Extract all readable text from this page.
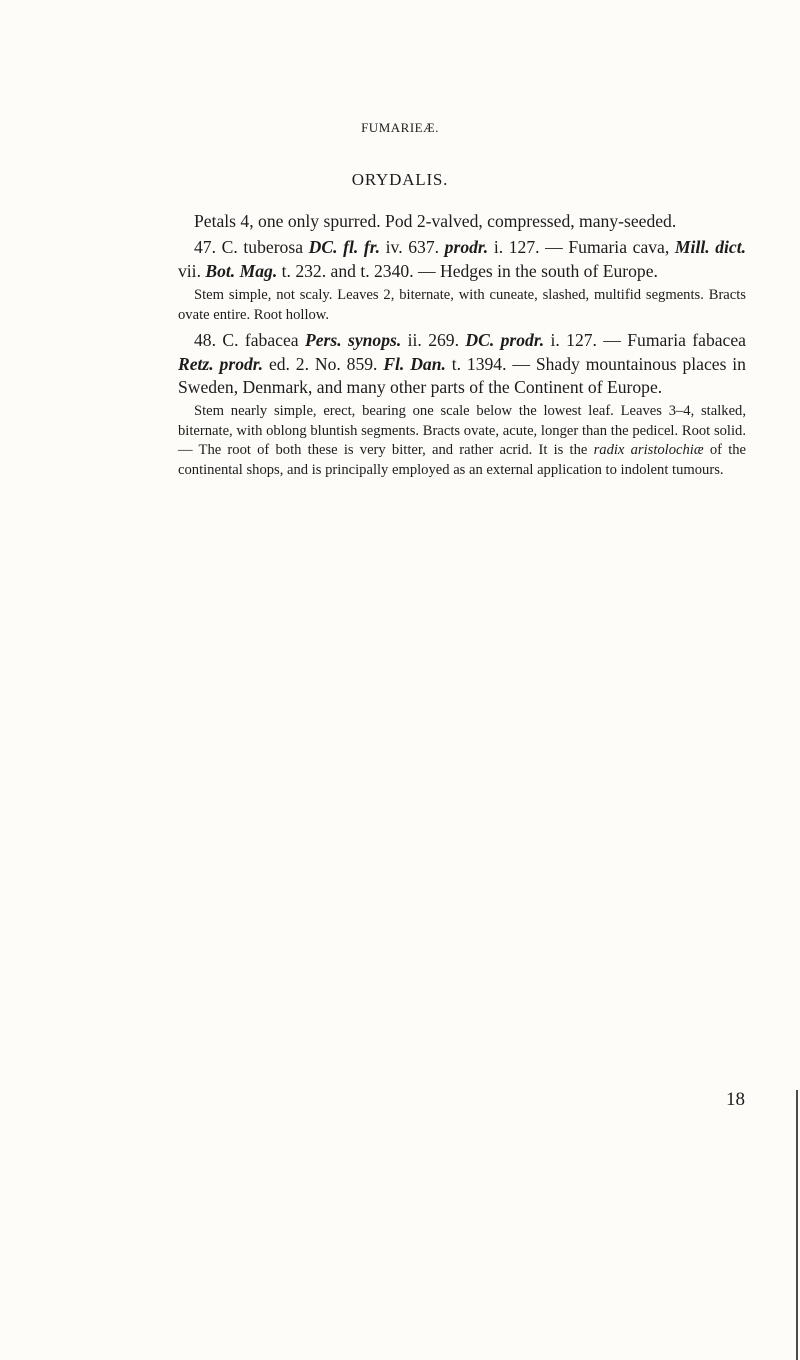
FUMARIEÆ.
ORYDALIS.

Petals 4, one only spurred. Pod 2-valved, compressed, many-seeded.

47. C. tuberosa DC. fl. fr. iv. 637. prodr. i. 127. — Fumaria cava, Mill. dict. vii. Bot. Mag. t. 232. and t. 2340. — Hedges in the south of Europe.

Stem simple, not scaly. Leaves 2, biternate, with cuneate, slashed, multifid segments. Bracts ovate entire. Root hollow.

48. C. fabacea Pers. synops. ii. 269. DC. prodr. i. 127. — Fumaria fabacea Retz. prodr. ed. 2. No. 859. Fl. Dan. t. 1394. — Shady mountainous places in Sweden, Denmark, and many other parts of the Continent of Europe.

Stem nearly simple, erect, bearing one scale below the lowest leaf. Leaves 3–4, stalked, biternate, with oblong bluntish segments. Bracts ovate, acute, longer than the pedicel. Root solid. — The root of both these is very bitter, and rather acrid. It is the radix aristolochiæ of the continental shops, and is principally employed as an external application to indolent tumours.

18
